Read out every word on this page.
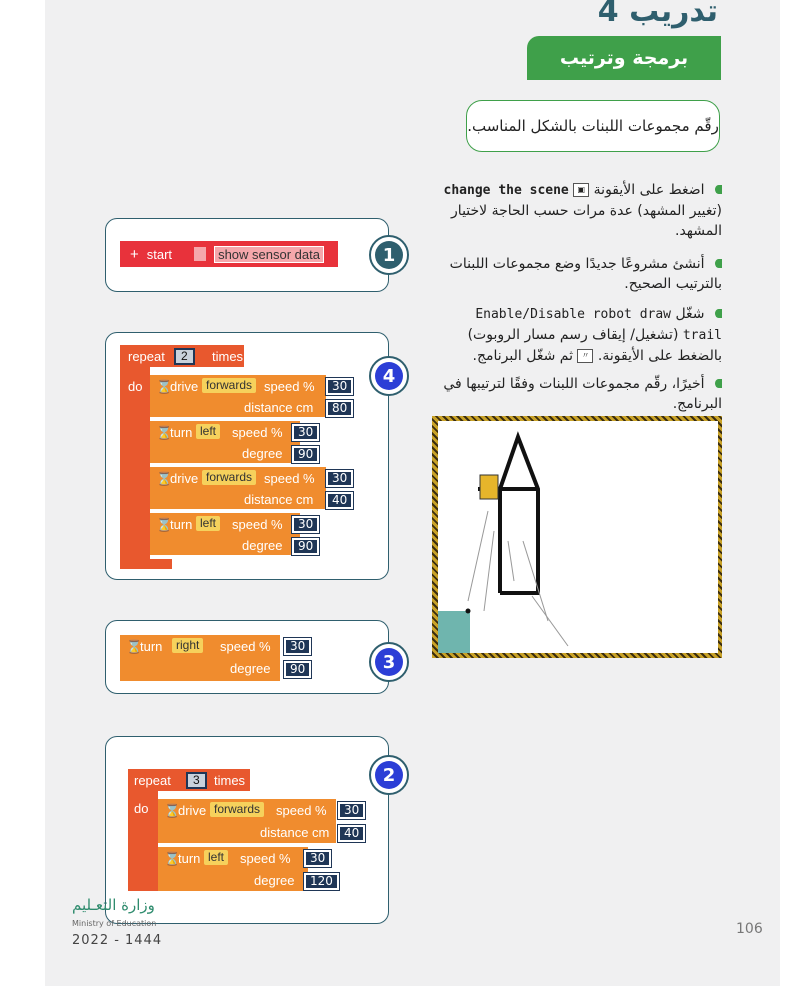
تدريب 4
برمجة وترتيب
رقّم مجموعات اللبنات بالشكل المناسب.
اضغط على الأيقونة ▣ change the scene (تغيير المشهد) عدة مرات حسب الحاجة لاختيار المشهد.
أنشئ مشروعًا جديدًا وضع مجموعات اللبنات بالترتيب الصحيح.
شغّل Enable/Disable robot draw trail (تشغيل/ إيقاف رسم مسار الروبوت) بالضغط على الأيقونة. 〃 ثم شغّل البرنامج.
أخيرًا، رقّم مجموعات اللبنات وفقًا لترتيبها في البرنامج.
+ start	show sensor data	1
repeat	2	times
do ⌛
drive forwards speed %
distance cm
30
80
⌛
turn left	speed %
degree
30
90
⌛
drive forwards speed %
distance cm
30
40
⌛
turn left	speed %
degree
30
90
4
⌛
turn	right	speed %
degree
30
90	3
repeat	3	times
do ⌛
drive forwards	speed %
distance cm
30
40
⌛
turn left	speed %
degree
30
120
2
وزارة التعـليم
Ministry of Education
2022 - 1444
106
